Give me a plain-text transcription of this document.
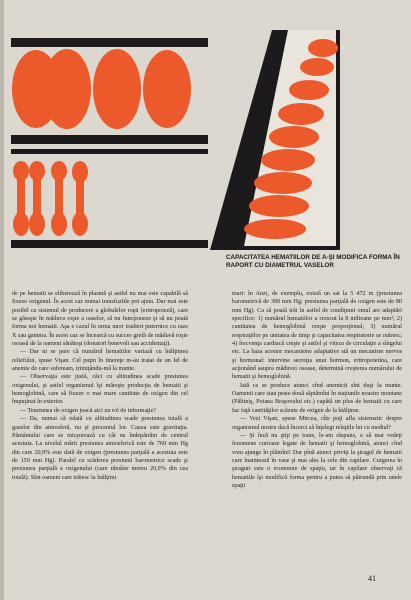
CAPACITATEA HEMATIILOR DE A-ŞI MODIFICA FORMA ÎN RAPORT CU DIAMETRUL VASELOR

de pe hematii se eliberează în plasmă şi astfel nu mai este capabilă să fixeze oxigenul. În acest caz numai transfuziile pot ajuta. Dar mai este posibil ca sistemul de producere a globulelor roşii (eritropoieză), care se găseşte în măduva roşie a oaselor, să nu funcţioneze şi să nu poată forma noi hematii. Aşa e cazul în urma unor iradieri puternice cu raze X sau gamma. În acest caz se încearcă cu succes grefă de măduvă roşie osoasă de la oameni sănătoşi (donatori benevoli sau accidentaţi).

— Dar ni se pare că numărul hematiilor variază cu înălţimea reliefului, spuse Vişan. Cel puţin în tinereţe m-au tratat de un fel de anemie de care sufeream, trimiţându-mă la munte.

— Observaţia este justă, căci cu altitudinea scade presiunea oxigenului, şi astfel organismul îşi măreşte producţia de hematii şi hemoglobină, care să fixeze o mai mare cantitate de oxigen din cel împuţinat în exterior.

— Tensiunea de oxigen joacă aici un rol de informaţie?

— Da, numai că odată cu altitudinea scade presiunea totală a gazelor din atmosferă, nu şi procentul lor. Cauza este gravitaţia. Pământului care se micşorează cu cât ne îndepărtăm de centrul acestuia. La nivelul mării presiunea atmosferică este de 760 mm Hg din care 20,9% este dată de oxigen (presiunea parţială a acestuia este de 159 mm Hg). Paralel cu scăderea presiunii barometrice scade şi presiunea parţială a oxigenului (care rămâne mereu 20,9% din cea totală). Sînt oameni care trăiesc la înălţimi

mari: în Anzi, de exemplu, există un sat la 5 472 m (presiunea barometrică de 380 mm Hg; presiunea parţială de oxigen este de 80 mm Hg). Ca să poată trăi în astfel de condiţiuni omul are adaptări specifice: 1) numărul hematiilor a crescut la 8 milioane pe mm²; 2) cantitatea de hemoglobină creşte proporţional; 3) numărul respiraţiilor pe unitatea de timp şi capacitatea respiratorie se măresc; 4) frecvenţa cardiacă creşte şi astfel şi viteza de circulaţie a sîngelui etc. La baza acestor mecanisme adaptative stă un mecanism nervos şi hormonal: intervine secreţia unui hormon, eritropoietina, care acţionând asupra măduvei osoase, determină creşterea numărului de hematii şi hemoglobină.

Iată ce se produce atunci cînd anemicii sînt duşi la munte. Oamenii care stau peste două săptămîni în staţiunile noastre montane (Păltiniş, Poiana Braşovului etc.) capătă un plus de hematii cu care fac faţă cantităţilor scăzute de oxigen de la înălţime.

— Vezi Vişan, spuse Mircea, cîte poţi afla sistematic despre organismul nostru dacă încerci să înţelegi relaţiile lui cu mediul?

— Şi încă nu ştiţi pe toate, le-am răspuns, o să mai vedeţi fenomene curioase legate de hematii şi hemoglobină, atunci cînd vom ajunge în plămîni! Dar pînă atunci priviţi la şiragul de hematii care înaintează în vase şi mai ales la cele din capilare. Curgerea în şiraguri este o economie de spaţiu, iar în capilare observaţi că hematiile îşi modifică forma pentru a putea să pătrundă prin unele spaţii

41
